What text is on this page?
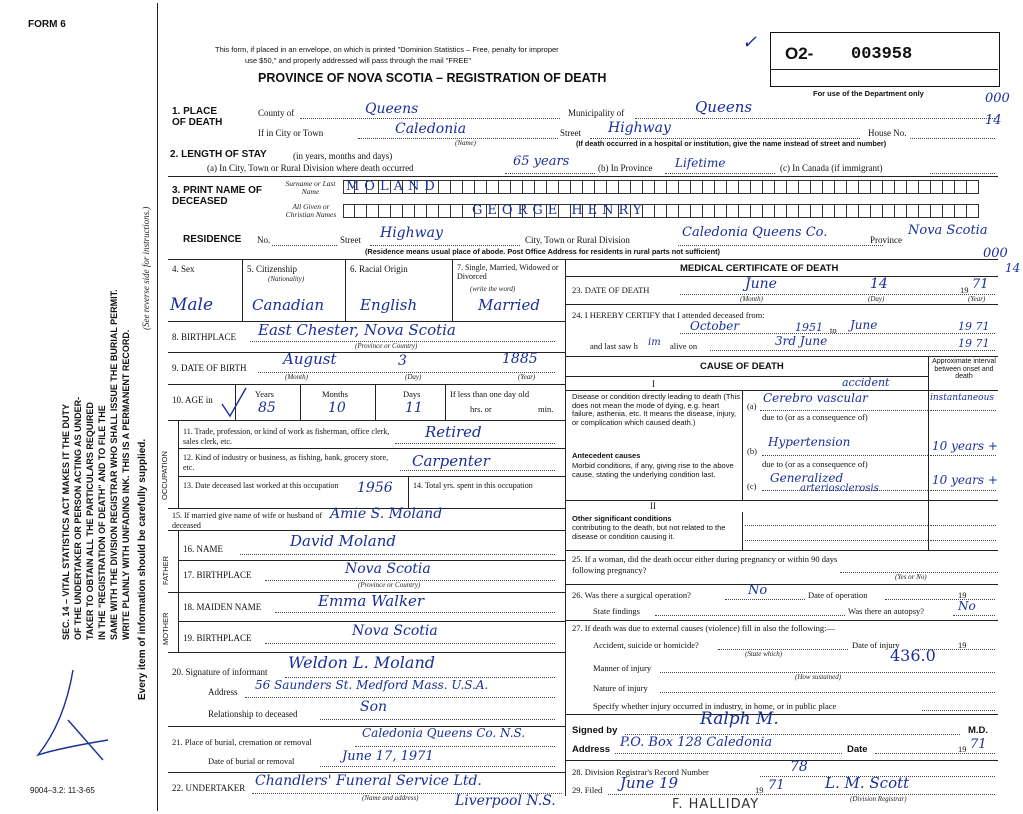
FORM 6
SEC. 14 – VITAL STATISTICS ACT MAKES IT THE DUTY OF THE UNDERTAKER OR PERSON ACTING AS UNDER- TAKER TO OBTAIN ALL THE PARTICULARS REQUIRED IN THE "REGISTRATION OF DEATH" AND TO FILE THE SAME WITH THE DIVISION REGISTRAR WHO SHALL ISSUE THE BURIAL PERMIT. WRITE PLAINLY WITH UNFADING INK. THIS IS A PERMANENT RECORD. Every item of information should be carefully supplied.
(See reverse side for instructions.)
9004–3.2: 11-3-65
This form, if placed in an envelope, on which is printed "Dominion Statistics – Free, penalty for improper
use $50," and properly addressed will pass through the mail "FREE"
PROVINCE OF NOVA SCOTIA – REGISTRATION OF DEATH
✓
O2- 003958
For use of the Department only	000
14
1. PLACE OF DEATH
County of	Queens	Municipality of	Queens
If in City or Town	Caledonia
(Name)
Street Highway	House No.
(If death occurred in a hospital or institution, give the name instead of street and number)
2. LENGTH OF STAY	(in years, months and days)
(a) In City, Town or Rural Division where death occurred	65 years	(b) In Province Lifetime	(c) In Canada (if immigrant)
3. PRINT NAME OF DECEASED
Surname or Last Name
All Given or Christian Names
MOLAND
GEORGE HENRY
RESIDENCE No.	Street Highway	City, Town or Rural Division	Caledonia Queens Co.	Province
Nova Scotia
(Residence means usual place of abode. Post Office Address for residents in rural parts not sufficient)	000
14
4. Sex	5. Citizenship
(Nationality)
6. Racial Origin	7. Single, Married, Widowed or Divorced
(write the word)
Male	Canadian English	Married
8. BIRTHPLACE East Chester, Nova Scotia
(Province or Country)
9. DATE OF BIRTH August	3	1885
(Month)	(Day)	(Year)
10. AGE in
Years	Months	Days
85	10	11
If less than one day old
hrs. or	min.
OCCUPATION
11. Trade, profession, or kind of work as fisherman, office clerk, sales clerk, etc.
Retired
12. Kind of industry or business, as fishing, bank, grocery store, etc.	Carpenter
13. Date deceased last worked at this occupation	1956	14. Total yrs. spent in this occupation
15. If married give name of wife or husband of deceased
Amie S. Moland
FATHER
16. NAME	David Moland
17. BIRTHPLACE	Nova Scotia
(Province or Country)
MOTHER
18. MAIDEN NAME	Emma Walker
19. BIRTHPLACE	Nova Scotia
20. Signature of informant Weldon L. Moland
Address 56 Saunders St. Medford Mass. U.S.A.
Relationship to deceased	Son
21. Place of burial, cremation or removal
Caledonia Queens Co. N.S.
Date of burial or removal	June 17, 1971
22. UNDERTAKER Chandlers' Funeral Service Ltd.
Liverpool N.S.
(Name and address)
MEDICAL CERTIFICATE OF DEATH
23. DATE OF DEATH	June	14	19 71
(Month)	(Day)	(Year)
24. I HEREBY CERTIFY that I attended deceased from:
October	1951 to June	19 71
and last saw h im alive on	3rd June	19 71
CAUSE OF DEATH	Approximate interval between onset and death
I
Disease or condition directly leading to death (This does not mean the mode of dying, e.g. heart failure, asthenia, etc. It means the disease, injury, or complication which caused death.)
(a)
accident
Cerebro vascular	instantaneous
due to (or as a consequence of)
Antecedent causes
Morbid conditions, if any, giving rise to the above cause, stating the underlying condition last.
(b)
Hypertension	10 years +
due to (or as a consequence of)
(c)
Generalized
arteriosclerosis
10 years +
II
Other significant conditions
contributing to the death, but not related to the disease or condition causing it.
25. If a woman, did the death occur either during pregnancy or within 90 days following pregnancy?
(Yes or No)
26. Was there a surgical operation?	No	Date of operation	19
State findings	Was there an autopsy?	No
27. If death was due to external causes (violence) fill in also the following:—
Accident, suicide or homicide?	Date of injury	19
(State which)	436.0
Manner of injury
(How sustained)
Nature of injury
Specify whether injury occurred in industry, in home, or in public place
Signed by
Ralph M.
M.D.
Address P.O. Box 128 Caledonia	Date	19 71
28. Division Registrar's Record Number	78
29. Filed June 19	19 71	L. M. Scott
(Division Registrar)
F. HALLIDAY
